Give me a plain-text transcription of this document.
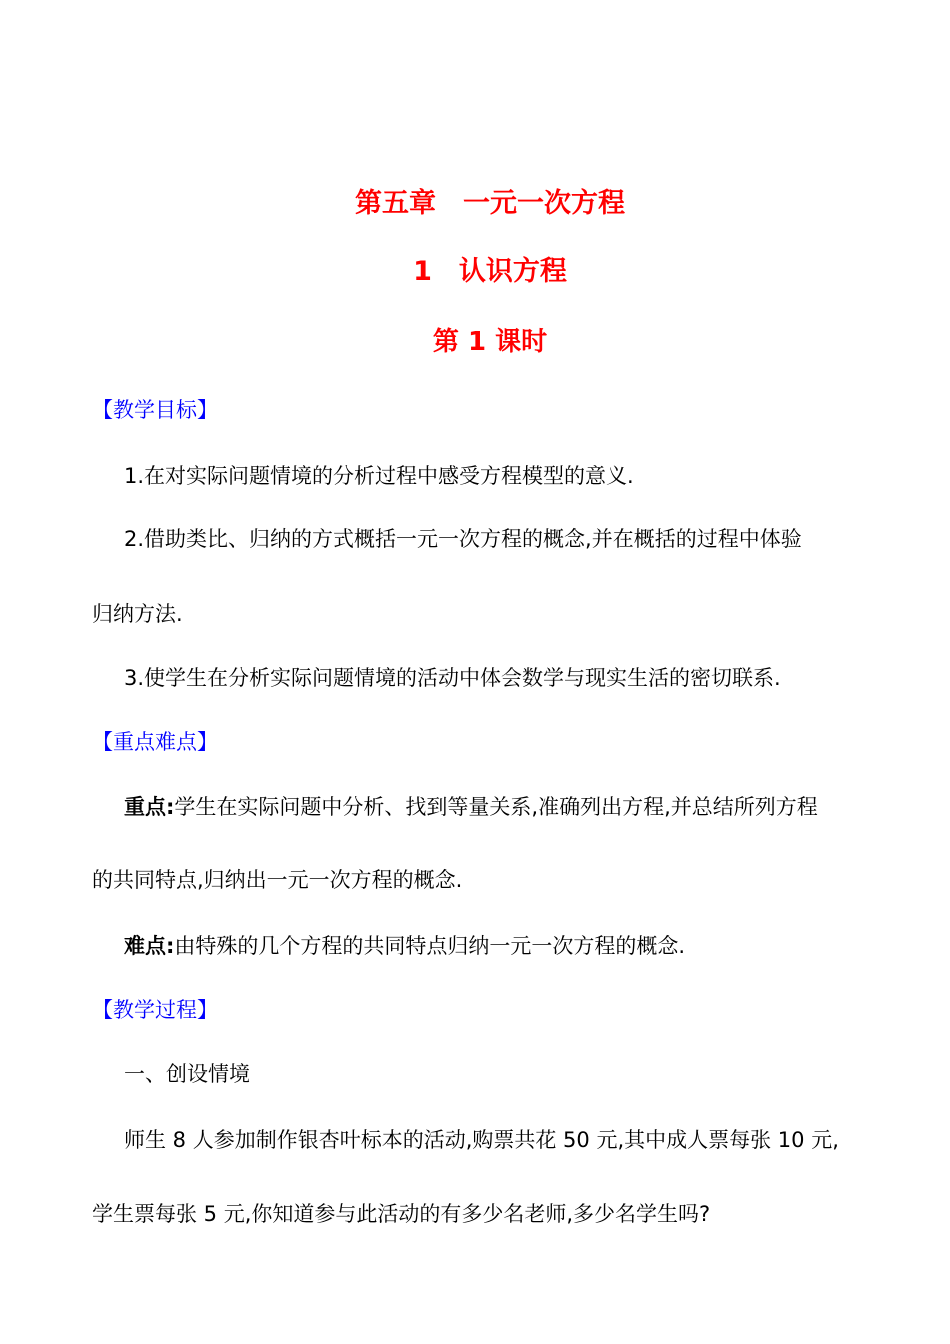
第五章　一元一次方程
1　认识方程
第 1 课时
【教学目标】
1.在对实际问题情境的分析过程中感受方程模型的意义.
2.借助类比、归纳的方式概括一元一次方程的概念,并在概括的过程中体验
归纳方法.
3.使学生在分析实际问题情境的活动中体会数学与现实生活的密切联系.
【重点难点】
重点:学生在实际问题中分析、找到等量关系,准确列出方程,并总结所列方程
的共同特点,归纳出一元一次方程的概念.
难点:由特殊的几个方程的共同特点归纳一元一次方程的概念.
【教学过程】
一、创设情境
师生 8 人参加制作银杏叶标本的活动,购票共花 50 元,其中成人票每张 10 元,
学生票每张 5 元,你知道参与此活动的有多少名老师,多少名学生吗?
